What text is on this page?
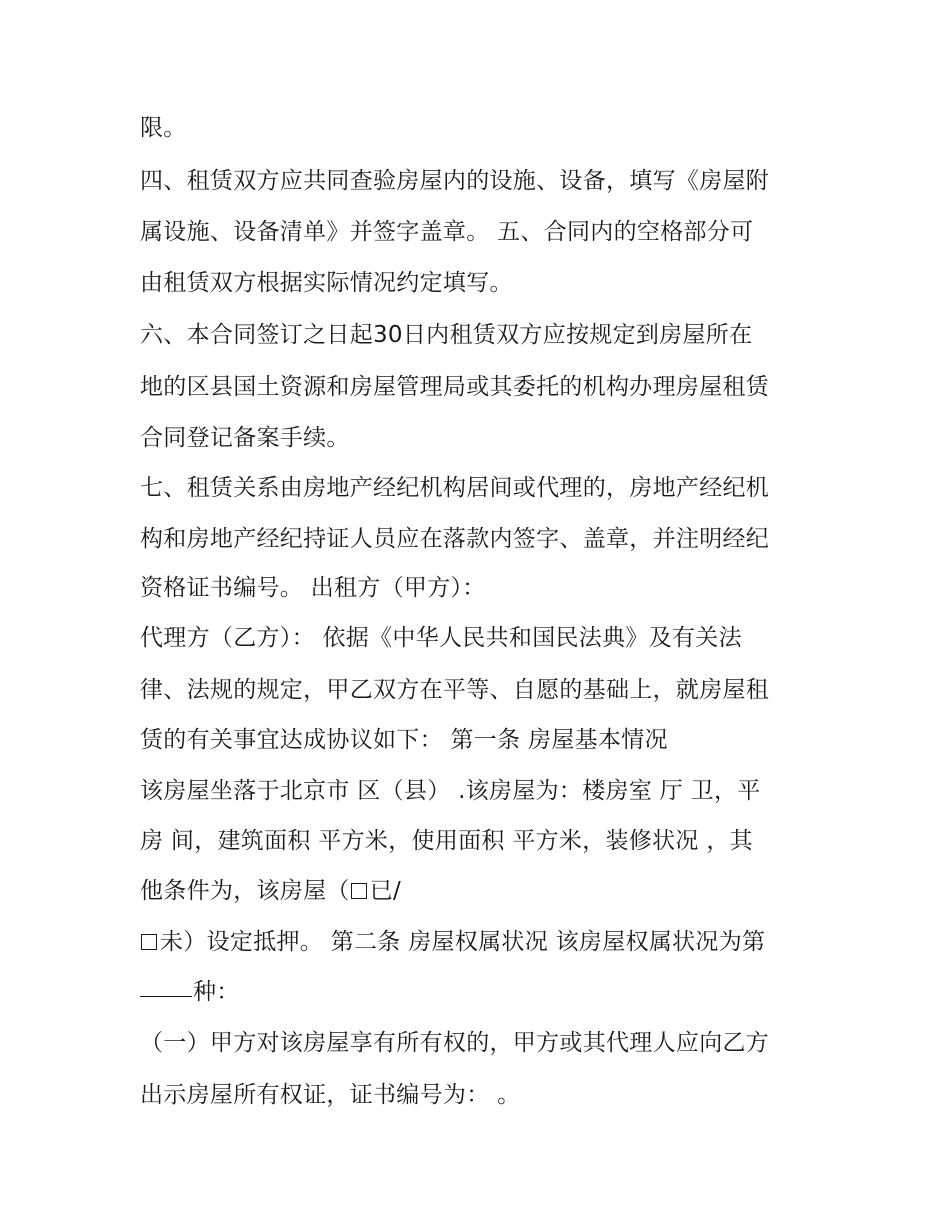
限。
四、租赁双方应共同查验房屋内的设施、设备，填写《房屋附
属设施、设备清单》并签字盖章。 五、合同内的空格部分可
由租赁双方根据实际情况约定填写。
六、本合同签订之日起30日内租赁双方应按规定到房屋所在
地的区县国土资源和房屋管理局或其委托的机构办理房屋租赁
合同登记备案手续。
七、租赁关系由房地产经纪机构居间或代理的，房地产经纪机
构和房地产经纪持证人员应在落款内签字、盖章，并注明经纪
资格证书编号。 出租方（甲方）：
代理方（乙方）： 依据《中华人民共和国民法典》及有关法
律、法规的规定，甲乙双方在平等、自愿的基础上，就房屋租
赁的有关事宜达成协议如下： 第一条 房屋基本情况
该房屋坐落于北京市 区（县） .该房屋为：楼房室 厅 卫，平
房 间，建筑面积 平方米，使用面积 平方米，装修状况 ，其
他条件为，该房屋（ 已/
未）设定抵押。 第二条 房屋权属状况 该房屋权属状况为第
种：
（一）甲方对该房屋享有所有权的，甲方或其代理人应向乙方
出示房屋所有权证，证书编号为： 。
